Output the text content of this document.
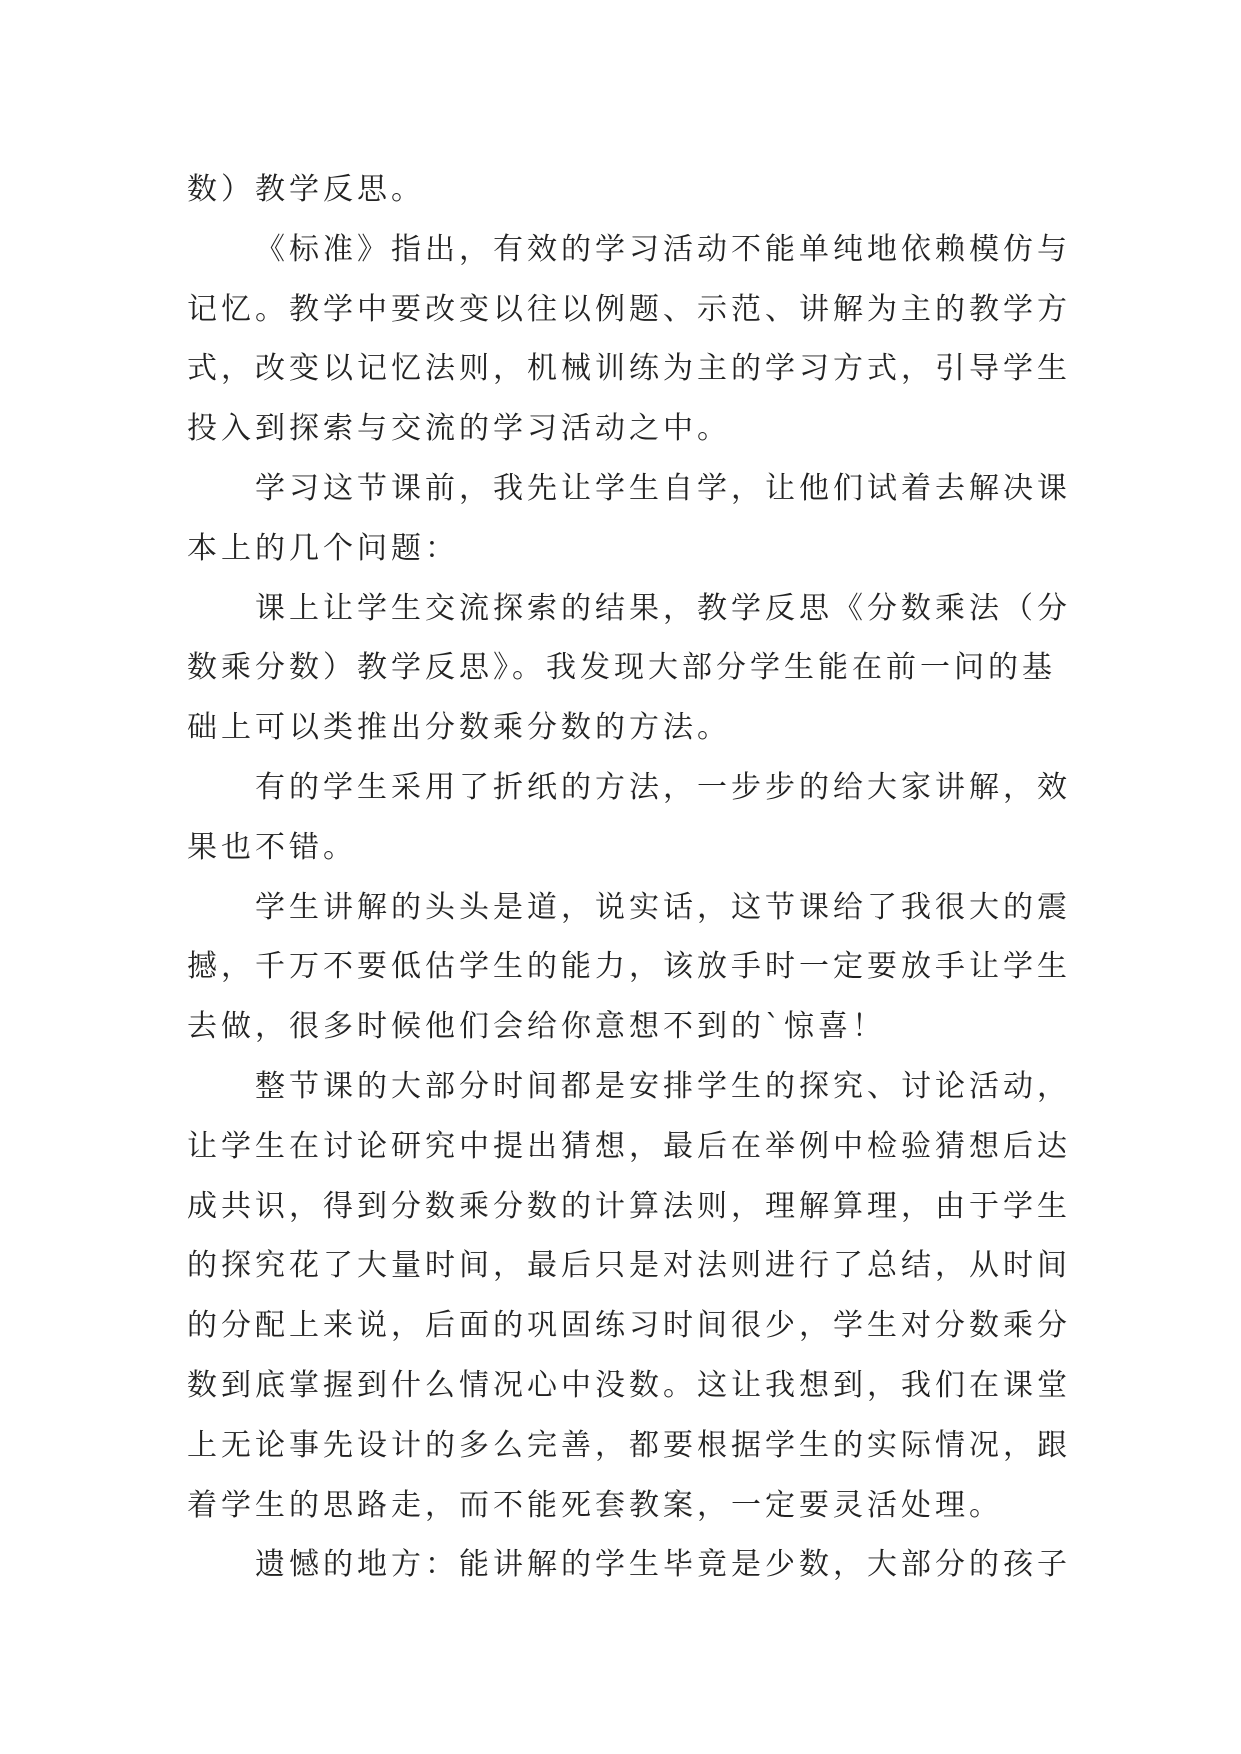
数）教学反思。

《标准》指出，有效的学习活动不能单纯地依赖模仿与

记忆。教学中要改变以往以例题、示范、讲解为主的教学方

式，改变以记忆法则，机械训练为主的学习方式，引导学生

投入到探索与交流的学习活动之中。

学习这节课前，我先让学生自学，让他们试着去解决课

本上的几个问题：

课上让学生交流探索的结果，教学反思《分数乘法（分

数乘分数）教学反思》。我发现大部分学生能在前一问的基

础上可以类推出分数乘分数的方法。

有的学生采用了折纸的方法，一步步的给大家讲解，效

果也不错。

学生讲解的头头是道，说实话，这节课给了我很大的震

撼，千万不要低估学生的能力，该放手时一定要放手让学生

去做，很多时候他们会给你意想不到的`惊喜！

整节课的大部分时间都是安排学生的探究、讨论活动，

让学生在讨论研究中提出猜想，最后在举例中检验猜想后达

成共识，得到分数乘分数的计算法则，理解算理，由于学生

的探究花了大量时间，最后只是对法则进行了总结，从时间

的分配上来说，后面的巩固练习时间很少，学生对分数乘分

数到底掌握到什么情况心中没数。这让我想到，我们在课堂

上无论事先设计的多么完善，都要根据学生的实际情况，跟

着学生的思路走，而不能死套教案，一定要灵活处理。

遗憾的地方：能讲解的学生毕竟是少数，大部分的孩子
